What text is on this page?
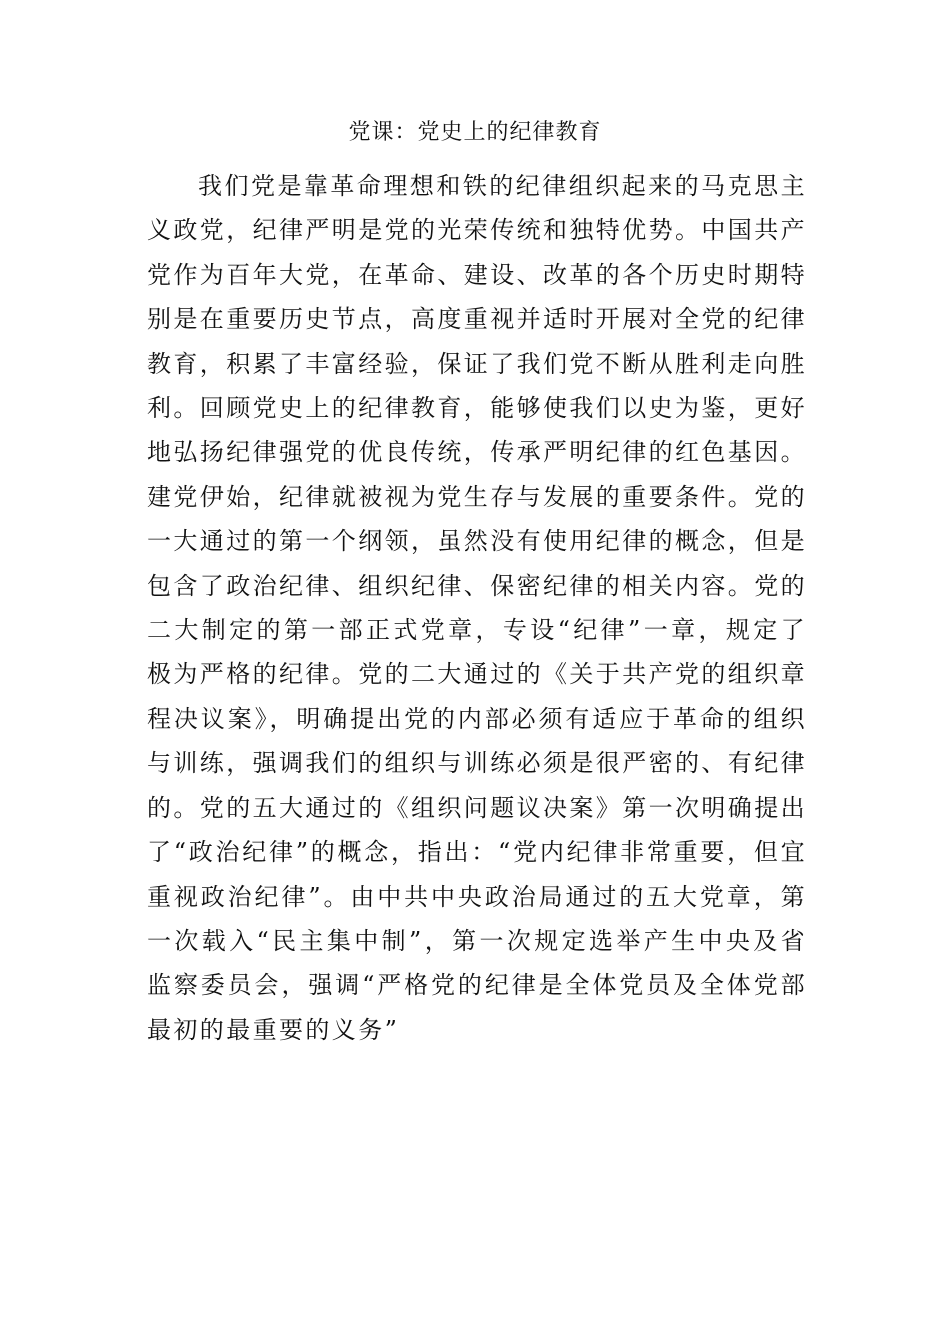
党课：党史上的纪律教育

我们党是靠革命理想和铁的纪律组织起来的马克思主义政党，纪律严明是党的光荣传统和独特优势。中国共产党作为百年大党，在革命、建设、改革的各个历史时期特别是在重要历史节点，高度重视并适时开展对全党的纪律教育，积累了丰富经验，保证了我们党不断从胜利走向胜利。回顾党史上的纪律教育，能够使我们以史为鉴，更好地弘扬纪律强党的优良传统，传承严明纪律的红色基因。建党伊始，纪律就被视为党生存与发展的重要条件。党的一大通过的第一个纲领，虽然没有使用纪律的概念，但是包含了政治纪律、组织纪律、保密纪律的相关内容。党的二大制定的第一部正式党章，专设“纪律”一章，规定了极为严格的纪律。党的二大通过的《关于共产党的组织章程决议案》，明确提出党的内部必须有适应于革命的组织与训练，强调我们的组织与训练必须是很严密的、有纪律的。党的五大通过的《组织问题议决案》第一次明确提出了“政治纪律”的概念，指出：“党内纪律非常重要，但宜重视政治纪律”。由中共中央政治局通过的五大党章，第一次载入“民主集中制”，第一次规定选举产生中央及省监察委员会，强调“严格党的纪律是全体党员及全体党部最初的最重要的义务”
